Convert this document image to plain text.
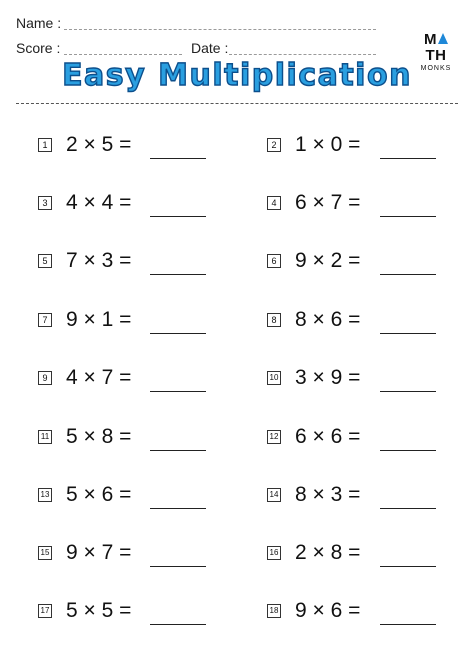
Name :
Score :	Date :	MTH
MONKS
Easy Multiplication
1 2 × 5 =	2 1 × 0 =
3 4 × 4 =	4 6 × 7 =
5 7 × 3 =	6 9 × 2 =
7 9 × 1 =	8 8 × 6 =
9 4 × 7 =	10 3 × 9 =
11 5 × 8 =	12 6 × 6 =
13 5 × 6 =	14 8 × 3 =
15 9 × 7 =	16 2 × 8 =
17 5 × 5 =	18 9 × 6 =
